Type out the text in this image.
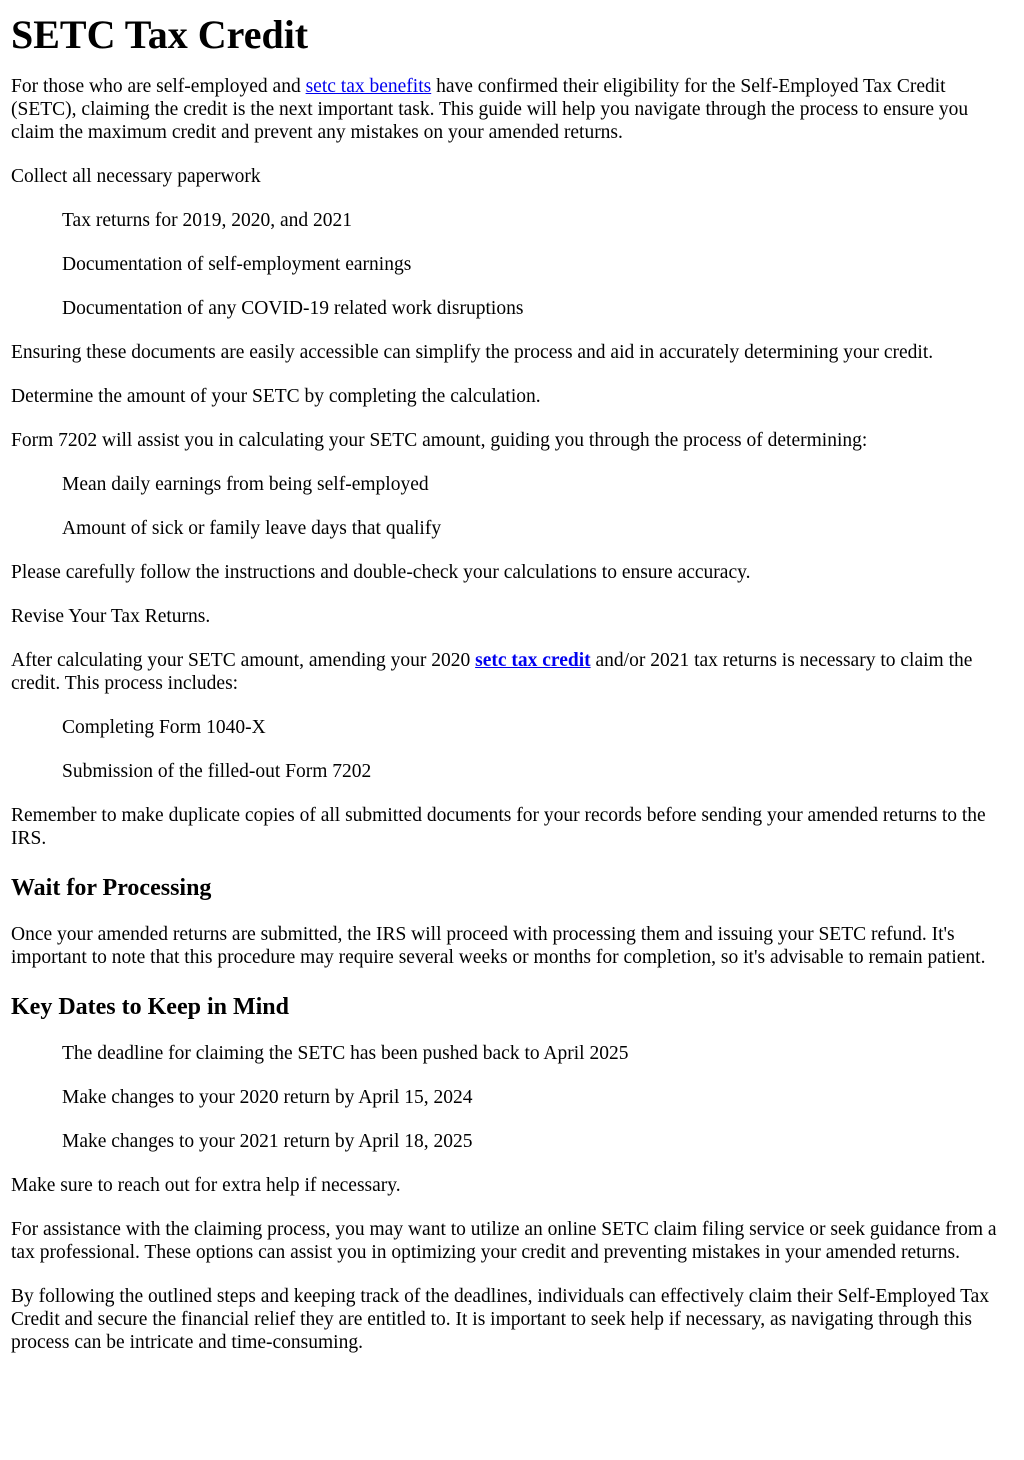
SETC Tax Credit

For those who are self-employed and setc tax benefits have confirmed their eligibility for the Self-Employed Tax Credit (SETC), claiming the credit is the next important task. This guide will help you navigate through the process to ensure you claim the maximum credit and prevent any mistakes on your amended returns.

Collect all necessary paperwork

Tax returns for 2019, 2020, and 2021

Documentation of self-employment earnings

Documentation of any COVID-19 related work disruptions

Ensuring these documents are easily accessible can simplify the process and aid in accurately determining your credit.

Determine the amount of your SETC by completing the calculation.

Form 7202 will assist you in calculating your SETC amount, guiding you through the process of determining:

Mean daily earnings from being self-employed

Amount of sick or family leave days that qualify

Please carefully follow the instructions and double-check your calculations to ensure accuracy.

Revise Your Tax Returns.

After calculating your SETC amount, amending your 2020 setc tax credit and/or 2021 tax returns is necessary to claim the credit. This process includes:

Completing Form 1040-X

Submission of the filled-out Form 7202

Remember to make duplicate copies of all submitted documents for your records before sending your amended returns to the IRS.

Wait for Processing

Once your amended returns are submitted, the IRS will proceed with processing them and issuing your SETC refund. It's important to note that this procedure may require several weeks or months for completion, so it's advisable to remain patient.

Key Dates to Keep in Mind

The deadline for claiming the SETC has been pushed back to April 2025

Make changes to your 2020 return by April 15, 2024

Make changes to your 2021 return by April 18, 2025

Make sure to reach out for extra help if necessary.

For assistance with the claiming process, you may want to utilize an online SETC claim filing service or seek guidance from a tax professional. These options can assist you in optimizing your credit and preventing mistakes in your amended returns.

By following the outlined steps and keeping track of the deadlines, individuals can effectively claim their Self-Employed Tax Credit and secure the financial relief they are entitled to. It is important to seek help if necessary, as navigating through this process can be intricate and time-consuming.
